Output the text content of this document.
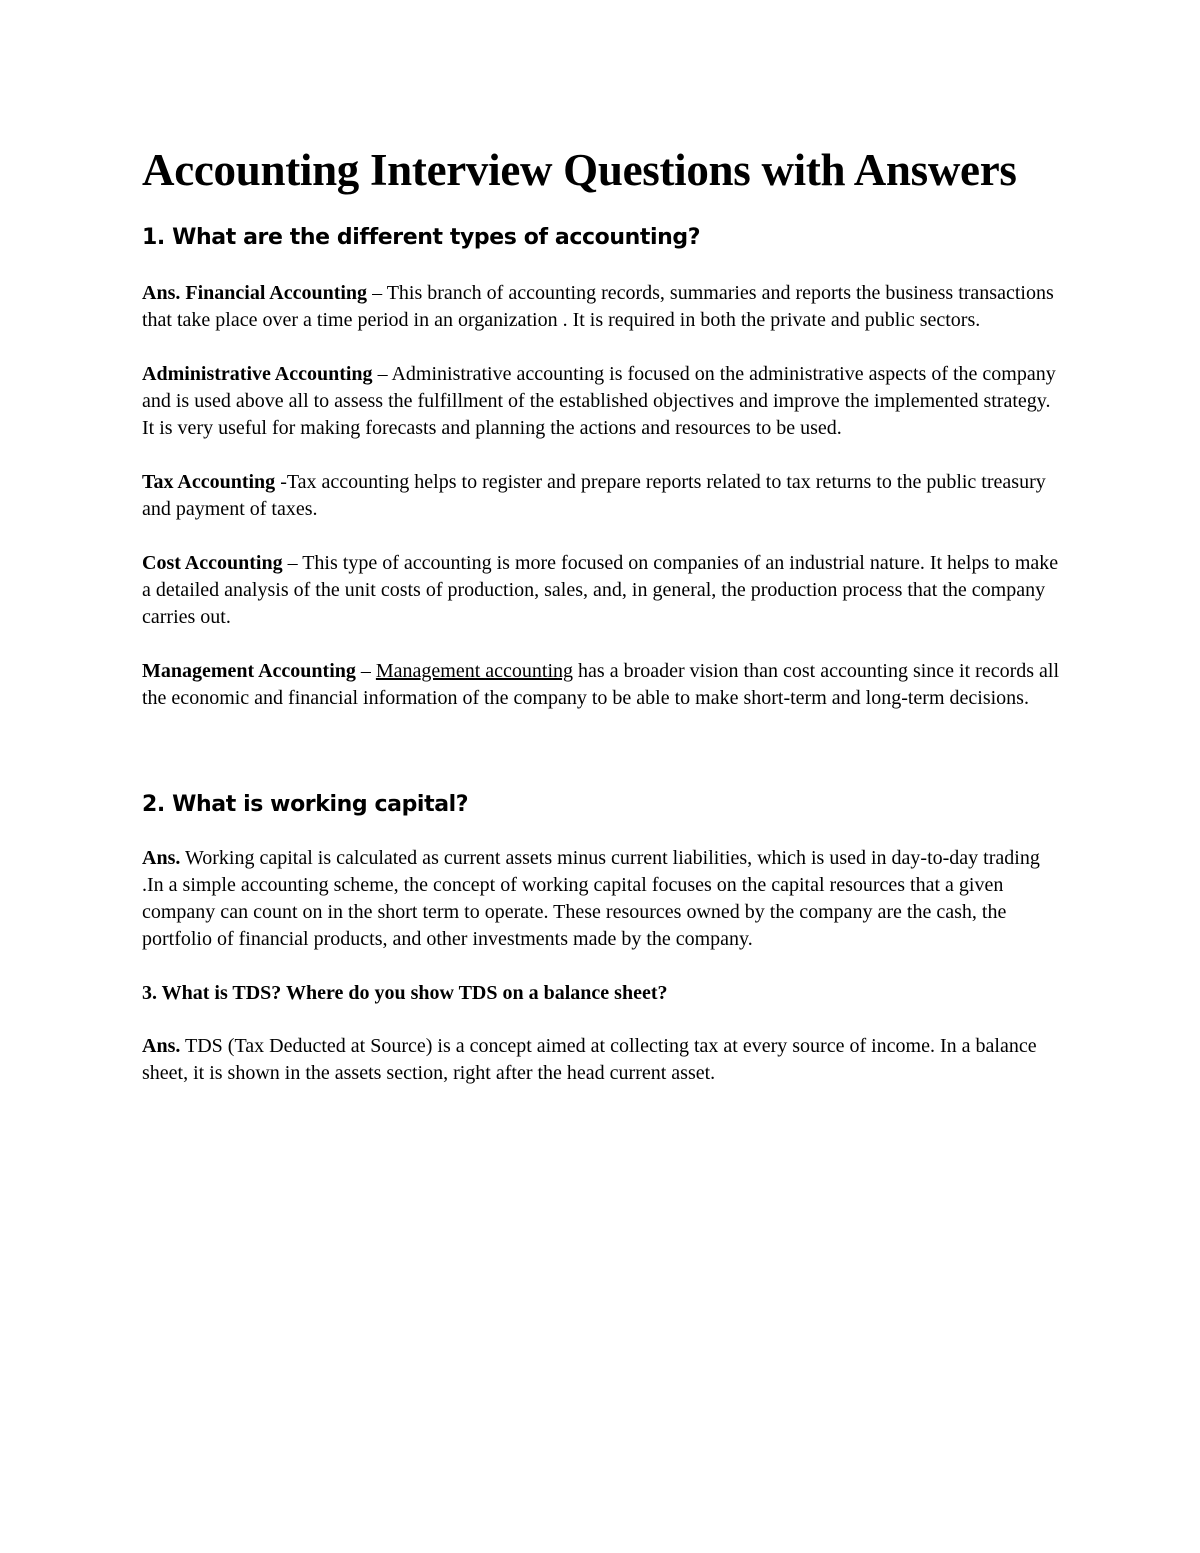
Accounting Interview Questions with Answers
1. What are the different types of accounting?

Ans. Financial Accounting – This branch of accounting records, summaries and reports the business transactions that take place over a time period in an organization . It is required in both the private and public sectors.

Administrative Accounting – Administrative accounting is focused on the administrative aspects of the company and is used above all to assess the fulfillment of the established objectives and improve the implemented strategy. It is very useful for making forecasts and planning the actions and resources to be used.

Tax Accounting -Tax accounting helps to register and prepare reports related to tax returns to the public treasury and payment of taxes.

Cost Accounting – This type of accounting is more focused on companies of an industrial nature. It helps to make a detailed analysis of the unit costs of production, sales, and, in general, the production process that the company carries out.

Management Accounting – Management accounting has a broader vision than cost accounting since it records all the economic and financial information of the company to be able to make short-term and long-term decisions.

2. What is working capital?

Ans. Working capital is calculated as current assets minus current liabilities, which is used in day-to-day trading .In a simple accounting scheme, the concept of working capital focuses on the capital resources that a given company can count on in the short term to operate. These resources owned by the company are the cash, the portfolio of financial products, and other investments made by the company.

3. What is TDS? Where do you show TDS on a balance sheet?

Ans. TDS (Tax Deducted at Source) is a concept aimed at collecting tax at every source of income. In a balance sheet, it is shown in the assets section, right after the head current asset.
